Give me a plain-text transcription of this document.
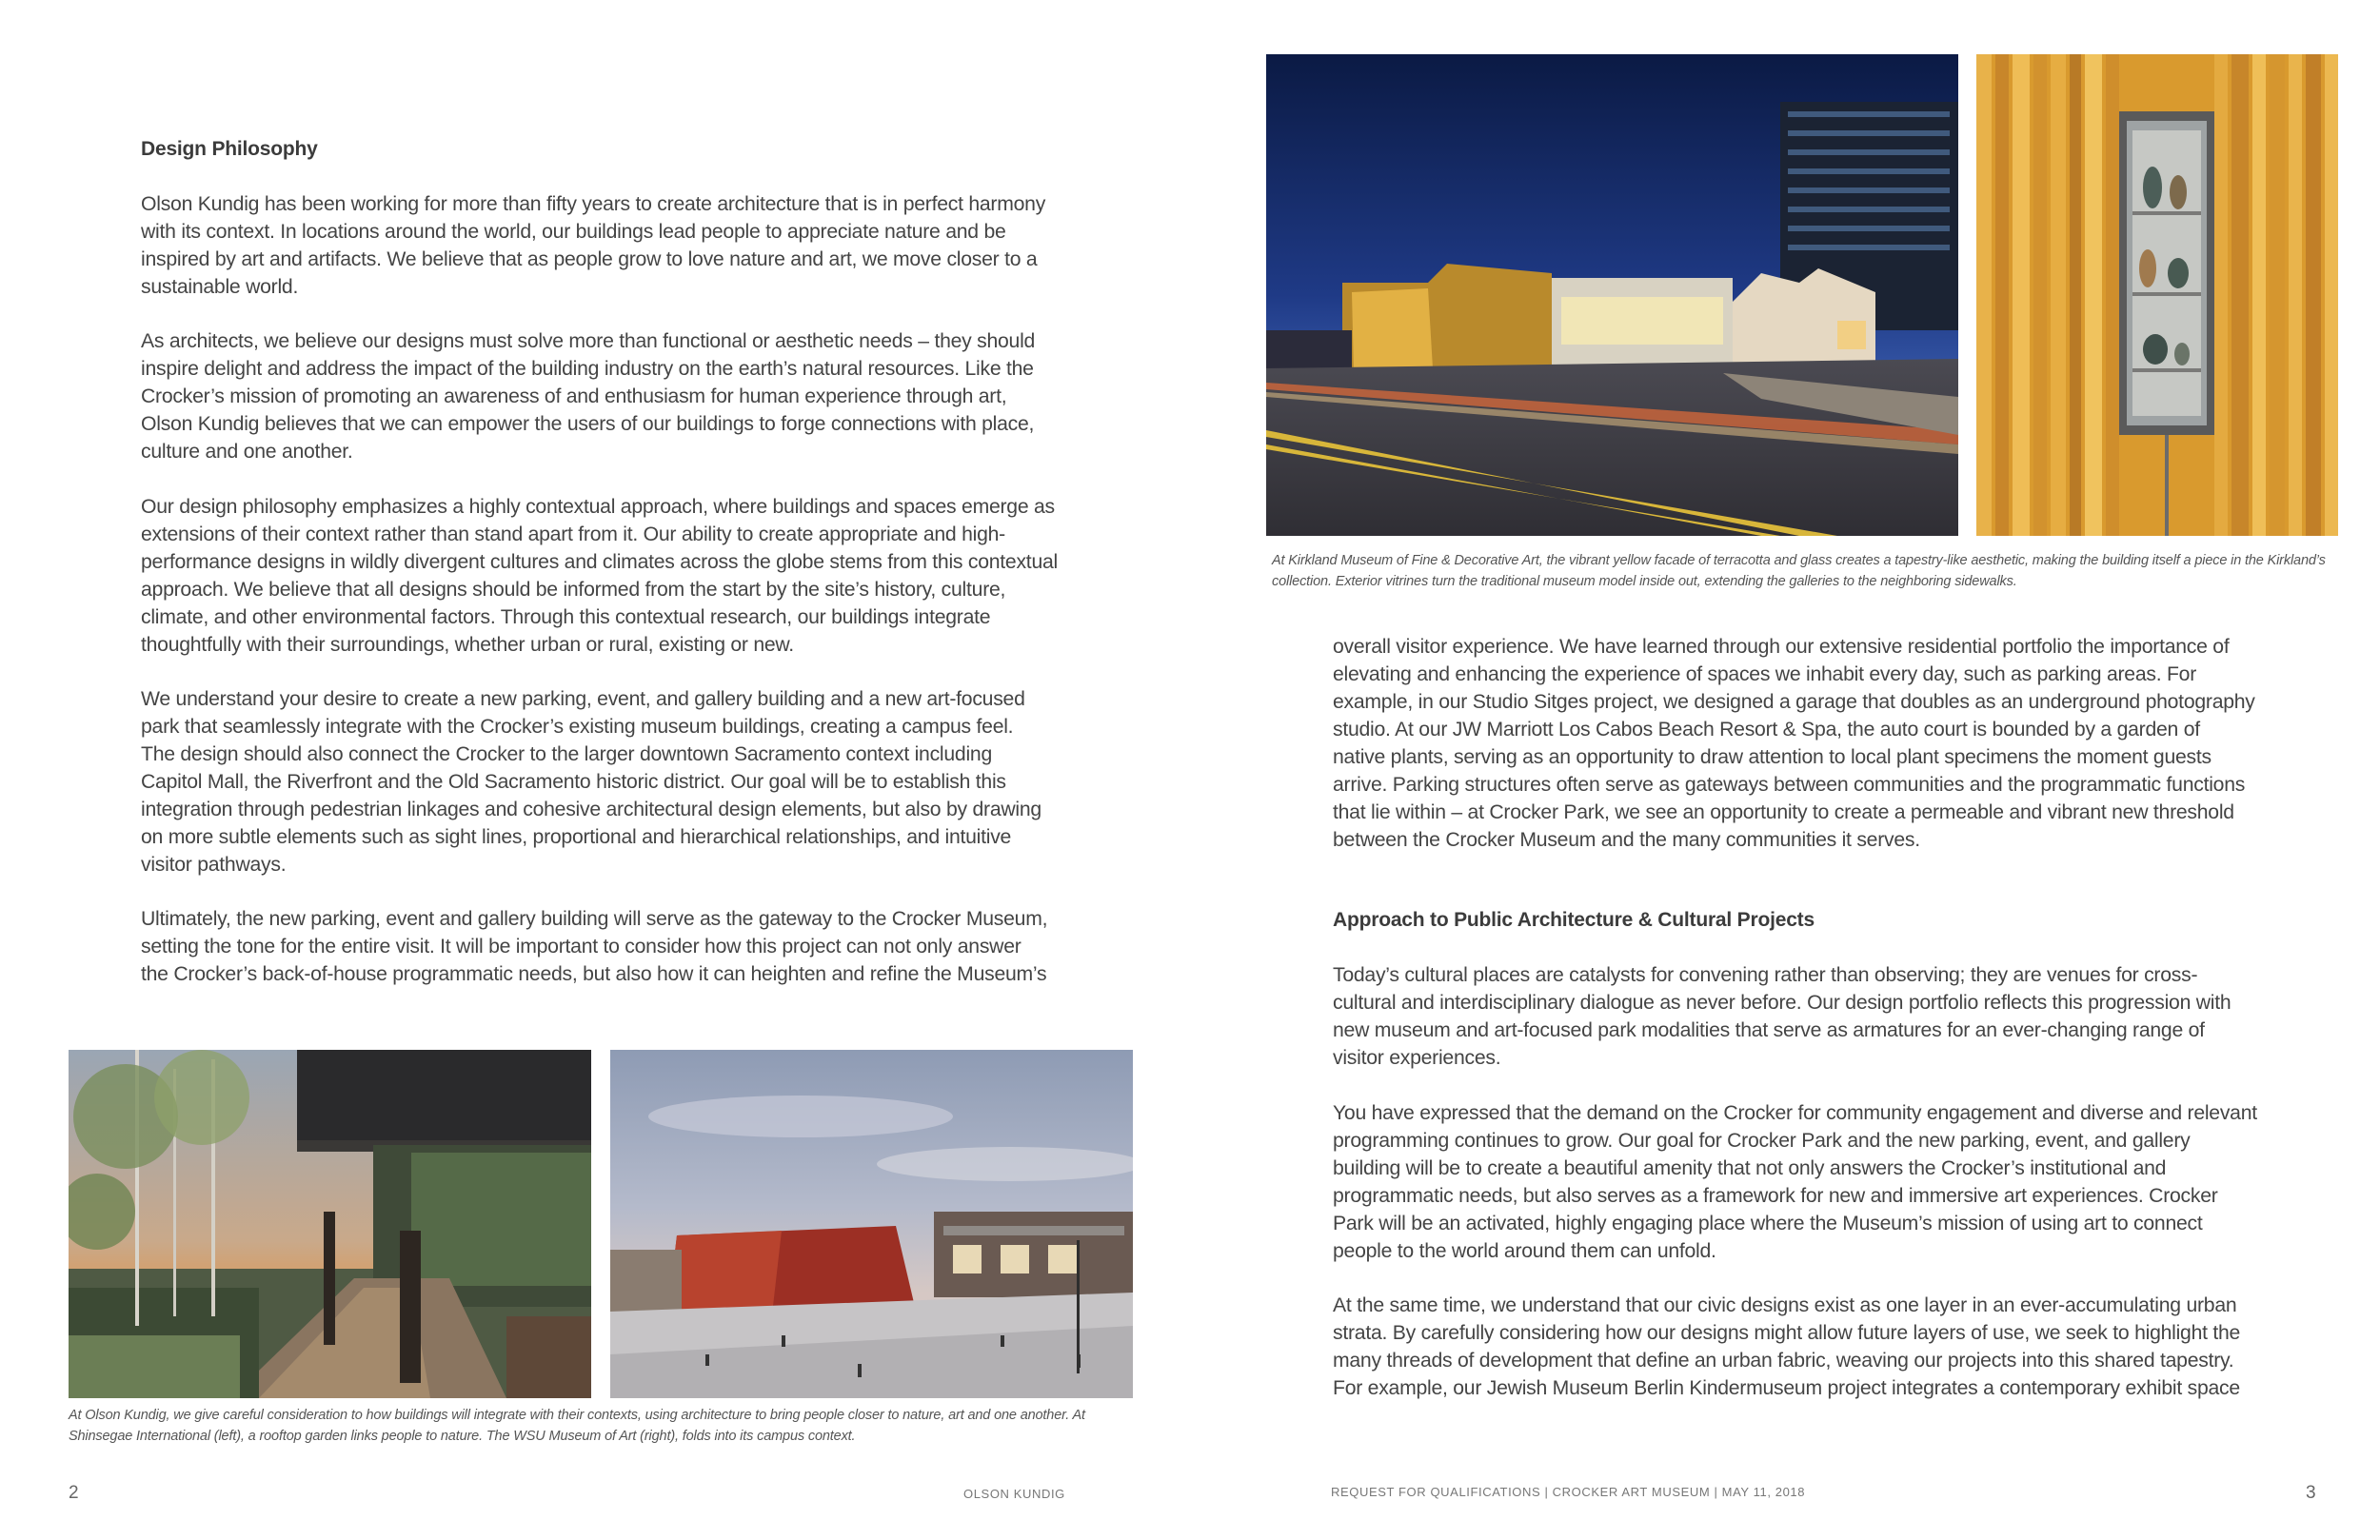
Design Philosophy

Olson Kundig has been working for more than fifty years to create architecture that is in perfect harmony with its context. In locations around the world, our buildings lead people to appreciate nature and be inspired by art and artifacts. We believe that as people grow to love nature and art, we move closer to a sustainable world.

As architects, we believe our designs must solve more than functional or aesthetic needs – they should inspire delight and address the impact of the building industry on the earth’s natural resources. Like the Crocker’s mission of promoting an awareness of and enthusiasm for human experience through art, Olson Kundig believes that we can empower the users of our buildings to forge connections with place, culture and one another.

Our design philosophy emphasizes a highly contextual approach, where buildings and spaces emerge as extensions of their context rather than stand apart from it. Our ability to create appropriate and high-performance designs in wildly divergent cultures and climates across the globe stems from this contextual approach. We believe that all designs should be informed from the start by the site’s history, culture, climate, and other environmental factors. Through this contextual research, our buildings integrate thoughtfully with their surroundings, whether urban or rural, existing or new.

We understand your desire to create a new parking, event, and gallery building and a new art-focused park that seamlessly integrate with the Crocker’s existing museum buildings, creating a campus feel. The design should also connect the Crocker to the larger downtown Sacramento context including Capitol Mall, the Riverfront and the Old Sacramento historic district. Our goal will be to establish this integration through pedestrian linkages and cohesive architectural design elements, but also by drawing on more subtle elements such as sight lines, proportional and hierarchical relationships, and intuitive visitor pathways.

Ultimately, the new parking, event and gallery building will serve as the gateway to the Crocker Museum, setting the tone for the entire visit. It will be important to consider how this project can not only answer the Crocker’s back-of-house programmatic needs, but also how it can heighten and refine the Museum’s

At Olson Kundig, we give careful consideration to how buildings will integrate with their contexts, using architecture to bring people closer to nature, art and one another. At Shinsegae International (left), a rooftop garden links people to nature. The WSU Museum of Art (right), folds into its campus context.

2	OLSON KUNDIG

At Kirkland Museum of Fine & Decorative Art, the vibrant yellow facade of terracotta and glass creates a tapestry-like aesthetic, making the building itself a piece in the Kirkland’s collection. Exterior vitrines turn the traditional museum model inside out, extending the galleries to the neighboring sidewalks.

overall visitor experience. We have learned through our extensive residential portfolio the importance of elevating and enhancing the experience of spaces we inhabit every day, such as parking areas. For example, in our Studio Sitges project, we designed a garage that doubles as an underground photography studio. At our JW Marriott Los Cabos Beach Resort & Spa, the auto court is bounded by a garden of native plants, serving as an opportunity to draw attention to local plant specimens the moment guests arrive. Parking structures often serve as gateways between communities and the programmatic functions that lie within – at Crocker Park, we see an opportunity to create a permeable and vibrant new threshold between the Crocker Museum and the many communities it serves.

Approach to Public Architecture & Cultural Projects

Today’s cultural places are catalysts for convening rather than observing; they are venues for cross-cultural and interdisciplinary dialogue as never before. Our design portfolio reflects this progression with new museum and art-focused park modalities that serve as armatures for an ever-changing range of visitor experiences.

You have expressed that the demand on the Crocker for community engagement and diverse and relevant programming continues to grow. Our goal for Crocker Park and the new parking, event, and gallery building will be to create a beautiful amenity that not only answers the Crocker’s institutional and programmatic needs, but also serves as a framework for new and immersive art experiences. Crocker Park will be an activated, highly engaging place where the Museum’s mission of using art to connect people to the world around them can unfold.

At the same time, we understand that our civic designs exist as one layer in an ever-accumulating urban strata. By carefully considering how our designs might allow future layers of use, we seek to highlight the many threads of development that define an urban fabric, weaving our projects into this shared tapestry. For example, our Jewish Museum Berlin Kindermuseum project integrates a contemporary exhibit space

REQUEST FOR QUALIFICATIONS | CROCKER ART MUSEUM | MAY 11, 2018	3
